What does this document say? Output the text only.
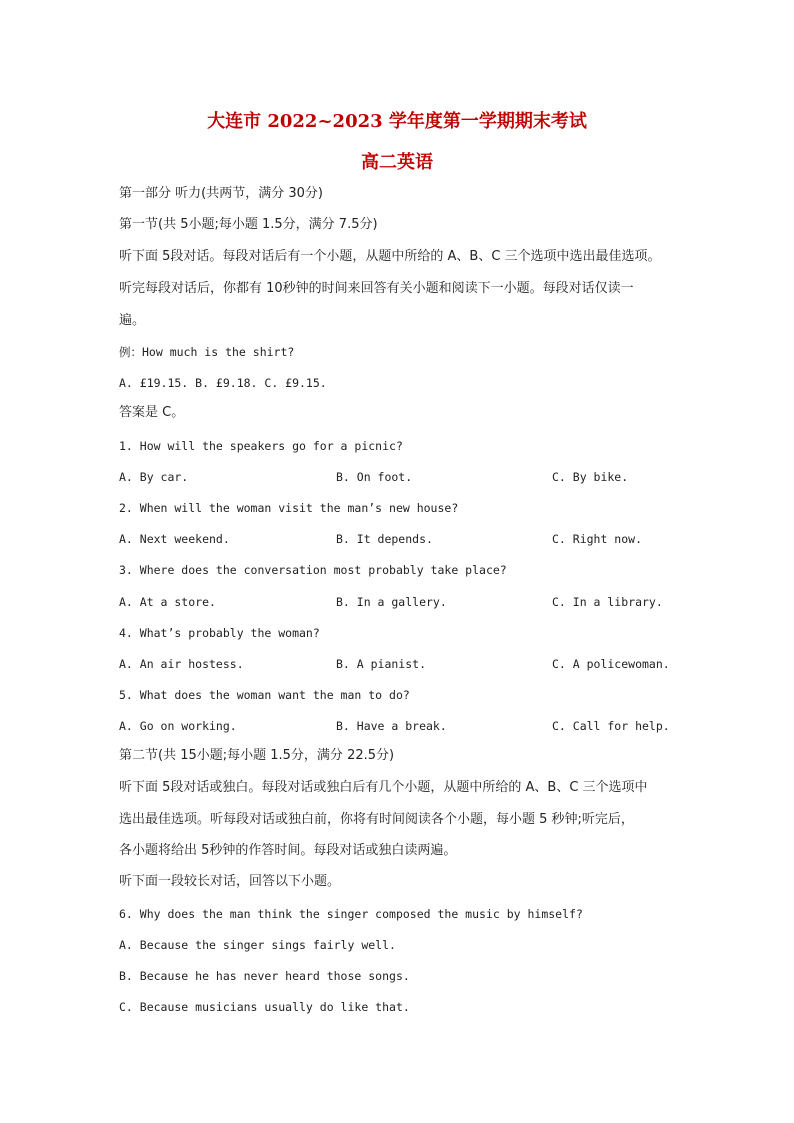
大连市 2022~2023 学年度第一学期期末考试
高二英语
第一部分 听力(共两节，满分 30分)
第一节(共 5小题;每小题 1.5分，满分 7.5分)
听下面 5段对话。每段对话后有一个小题，从题中所给的 A、B、C 三个选项中选出最佳选项。
听完每段对话后，你都有 10秒钟的时间来回答有关小题和阅读下一小题。每段对话仅读一
遍。
例：How much is the shirt?
A. £19.15. B. £9.18. C. £9.15.
答案是 C。
1. How will the speakers go for a picnic?
A. By car.	B. On foot.	C. By bike.
2. When will the woman visit the man’s new house?
A. Next weekend.	B. It depends.	C. Right now.
3. Where does the conversation most probably take place?
A. At a store.	B. In a gallery.	C. In a library.
4. What’s probably the woman?
A. An air hostess.	B. A pianist.	C. A policewoman.
5. What does the woman want the man to do?
A. Go on working.	B. Have a break.	C. Call for help.
第二节(共 15小题;每小题 1.5分，满分 22.5分)
听下面 5段对话或独白。每段对话或独白后有几个小题，从题中所给的 A、B、C 三个选项中
选出最佳选项。听每段对话或独白前，你将有时间阅读各个小题，每小题 5 秒钟;听完后，
各小题将给出 5秒钟的作答时间。每段对话或独白读两遍。
听下面一段较长对话，回答以下小题。
6. Why does the man think the singer composed the music by himself?
A. Because the singer sings fairly well.
B. Because he has never heard those songs.
C. Because musicians usually do like that.
